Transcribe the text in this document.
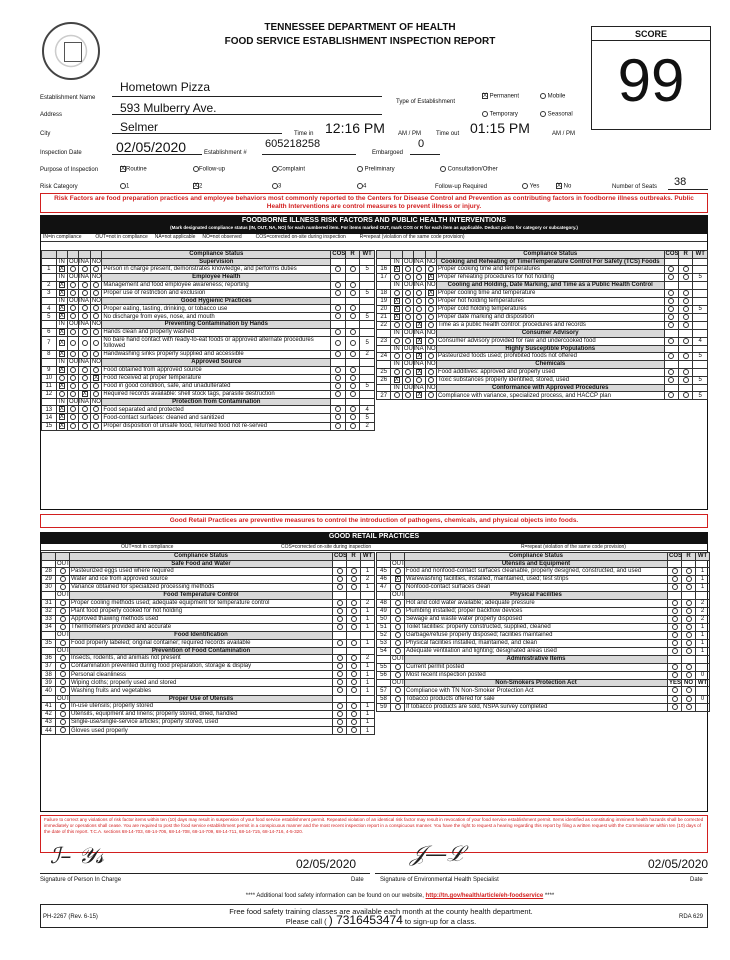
TENNESSEE DEPARTMENT OF HEALTH
FOOD SERVICE ESTABLISHMENT INSPECTION REPORT
SCORE
99
Establishment Name
Hometown Pizza
Address	593 Mulberry Ave.
City	Selmer	Time in 12:16 PM AM / PM Time out 01:15 PM	AM / PM
Type of Establishment
X Permanent	Mobile
Temporary	Seasonal
Inspection Date 02/05/2020	Establishment #
605218258
Embargoed
0
Purpose of Inspection	XRoutine	Follow-up	Complaint	Preliminary	Consultation/Other
Risk Category	1	X2	3	4	Follow-up Required	Yes	X No	Number of Seats 38
Risk Factors are food preparation practices and employee behaviors most commonly reported to the Centers for Disease Control and Prevention as contributing factors in foodborne illness outbreaks. Public Health Interventions are control measures to prevent illness or injury.
FOODBORNE ILLNESS RISK FACTORS AND PUBLIC HEALTH INTERVENTIONS
(Mark designated compliance status (IN, OUT, NA, NO) for each numbered item. For items marked OUT, mark COS or R for each item as applicable. Deduct points for category or subcategory.)
IN=in compliance          OUT=not in compliance     NA=not applicable     NO=not observed          COS=corrected on-site during inspection          R=repeat (violation of the same code provision)
					Compliance Status	COS	R	WT
	IN	OUT	NA	NO	Supervision			
1	X				Person in charge present, demonstrates knowledge, and performs duties			5
	IN	OUT	NA	NO	Employee Health			
2	X				Management and food employee awareness; reporting			
3	X				Proper use of restriction and exclusion			5
	IN	OUT	NA	NO	Good Hygienic Practices			
4	X				Proper eating, tasting, drinking, or tobacco use			
5	X				No discharge from eyes, nose, and mouth			5
	IN	OUT	NA	NO	Preventing Contamination by Hands			
6	X				Hands clean and properly washed			
7	X				No bare hand contact with ready-to-eat foods or approved alternate procedures followed			5
8	X				Handwashing sinks properly supplied and accessible			2
	IN	OUT	NA	NO	Approved Source			
9	X				Food obtained from approved source			
10				X	Food received at proper temperature			
11	X				Food in good condition, safe, and unadulterated			5
12			X		Required records available: shell stock tags, parasite destruction			
	IN	OUT	NA	NO	Protection from Contamination			
13	X				Food separated and protected			4
14	X				Food-contact surfaces: cleaned and sanitized			5
15	X				Proper disposition of unsafe food, returned food not re-served			2
					Compliance Status	COS	R	WT
	IN	OUT	NA	NO	Cooking and Reheating of Time/Temperature Control For Safety (TCS) Foods			
16	X				Proper cooking time and temperatures			
17				X	Proper reheating procedures for hot holding			5
	IN	OUT	NA	NO	Cooling and Holding, Date Marking, and Time as a Public Health Control			
18				X	Proper cooling time and temperature			
19	X				Proper hot holding temperatures			
20	X				Proper cold holding temperatures			5
21	X				Proper date marking and disposition			
22			X		Time as a public health control: procedures and records			
	IN	OUT	NA	NO	Consumer Advisory			
23			X		Consumer advisory provided for raw and undercooked food			4
	IN	OUT	NA	NO	Highly Susceptible Populations			
24			X		Pasteurized foods used; prohibited foods not offered			5
	IN	OUT	NA	NO	Chemicals			
25			X		Food additives: approved and properly used			
26	X				Toxic substances properly identified, stored, used			5
	IN	OUT	NA	NO	Conformance with Approved Procedures			
27			X		Compliance with variance, specialized process, and HACCP plan			5
Good Retail Practices are preventive measures to control the introduction of pathogens, chemicals, and physical objects into foods.
GOOD RETAIL PRACTICES
OUT=not in compliance	COS=corrected on-site during inspection	R=repeat (violation of the same code provision)
		Compliance Status	COS	R	WT
	OUT	Safe Food and Water			
28		Pasteurized eggs used where required			1
29		Water and ice from approved source			2
30		Variance obtained for specialized processing methods			1
	OUT	Food Temperature Control			
31		Proper cooling methods used; adequate equipment for temperature control			2
32		Plant food properly cooked for hot holding			1
33		Approved thawing methods used			1
34		Thermometers provided and accurate			1
	OUT	Food Identification			
35		Food properly labeled; original container; required records available			1
	OUT	Prevention of Food Contamination			
36		Insects, rodents, and animals not present			2
37		Contamination prevented during food preparation, storage & display			1
38		Personal cleanliness			1
39		Wiping cloths; properly used and stored			1
40		Washing fruits and vegetables			1
	OUT	Proper Use of Utensils			
41		In-use utensils; properly stored			1
42		Utensils, equipment and linens; properly stored, dried, handled			1
43		Single-use/single-service articles; properly stored, used			1
44		Gloves used properly			1
		Compliance Status	COS	R	WT
	OUT	Utensils and Equipment			
45		Food and nonfood-contact surfaces cleanable, properly designed, constructed, and used			1
46	X	Warewashing facilities, installed, maintained, used; test strips			1
47		Nonfood-contact surfaces clean			1
	OUT	Physical Facilities			
48		Hot and cold water available; adequate pressure			2
49		Plumbing installed; proper backflow devices			2
50		Sewage and waste water properly disposed			2
51		Toilet facilities: properly constructed, supplied, cleaned			1
52		Garbage/refuse properly disposed; facilities maintained			1
53		Physical facilities installed, maintained, and clean			1
54		Adequate ventilation and lighting; designated areas used			1
	OUT	Administrative Items			
55		Current permit posted			
56		Most recent inspection posted			0
	OUT	Non-Smokers Protection Act	YES	NO	WT
57		Compliance with TN Non-Smoker Protection Act			
58		Tobacco products offered for sale			0
59		If tobacco products are sold, NSPA survey completed			
Failure to correct any violations of risk factor items within ten (10) days may result in suspension of your food service establishment permit. Repeated violation of an identical risk factor may result in revocation of your food service establishment permit. Items identified as constituting imminent health hazards shall be corrected immediately or operations shall cease. You are required to post the food service establishment permit in a conspicuous manner and the most recent inspection report in a conspicuous manner. You have the right to request a hearing regarding this report by filing a written request with the Commissioner within ten (10) days of the date of this report. T.C.A. sections 68-14-703, 68-14-706, 68-14-708, 68-14-709, 68-14-711, 68-14-715, 68-14-716, 4-5-320.
ℐ– 𝒴𝓈	02/05/2020
Signature of Person In Charge	Date
𝒥—ℒ	02/05/2020
Signature of Environmental Health Specialist	Date
**** Additional food safety information can be found on our website, http://tn.gov/health/article/eh-foodservice ****
PH-2267 (Rev. 6-15)
Free food safety training classes are available each month at the county health department.
Please call ( ) 7316453474 to sign-up for a class.	RDA 629
